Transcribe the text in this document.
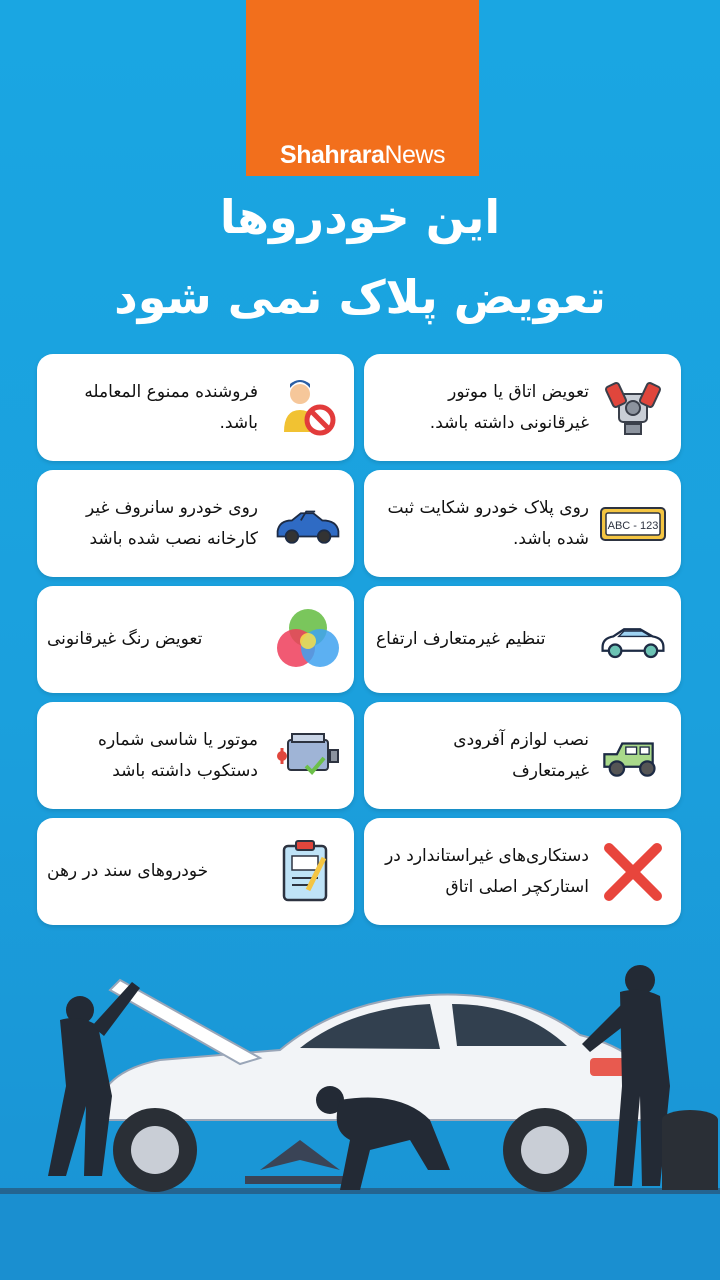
ShahraraNews
این خودروها
تعویض پلاک نمی شود
تعویض اتاق یا موتور غیرقانونی داشته باشد.
فروشنده ممنوع المعامله باشد.
ABC - 123
روی پلاک خودرو شکایت ثبت شده باشد.
روی خودرو سانروف غیر کارخانه نصب شده باشد
تنظیم غیرمتعارف ارتفاع
تعویض رنگ غیرقانونی
نصب لوازم آفرودی غیرمتعارف
موتور یا شاسی شماره دستکوب داشته باشد
دستکاری‌های غیراستاندارد در استارکچر اصلی اتاق
خودروهای سند در رهن
